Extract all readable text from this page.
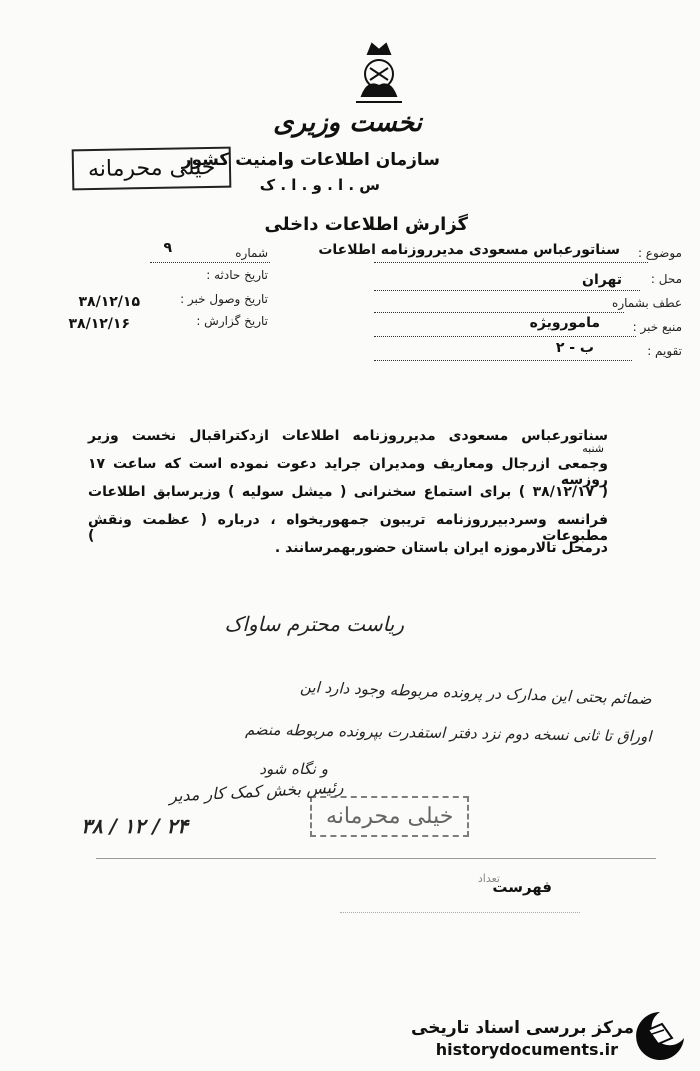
نخست وزیری
سازمان اطلاعات وامنیت کشور
س . ا . و . ا . ک
گزارش اطلاعات داخلی
خیلی محرمانه
موضوع :
سناتورعباس مسعودی مدیرروزنامه اطلاعات
محل :
تهران
عطف بشماره
منبع خبر :
مامورویژه
تقویم :
ب - ۲
شماره
۹
تاریخ حادثه :
تاریخ وصول خبر :
۳۸/۱۲/۱۵
تاریخ گزارش :
۳۸/۱۲/۱۶
سناتورعباس مسعودی مدیرروزنامه اطلاعات ازدکتراقبال نخست وزیر
شنبه
وجمعی ازرجال ومعاریف ومدیران جراید دعوت نموده است که ساعت ۱۷ روزسه
( ۳۸/۱۲/۱۷ ) برای استماع سخنرانی ( میشل سولیه ) وزیرسابق اطلاعات
فرانسه وسردبیرروزنامه تریبون جمهوریخواه ، درباره ( عظمت ونقش مطبوعات )
درمحل تالارموزه ایران باستان حضوربهمرسانند .
ریاست محترم ساواک
ضمائم بحتی این مدارک در پرونده مربوطه وجود دارد این
اوراق تا ثانی نسخه دوم نزد دفتر استفدرت بپرونده مربوطه منضم
و نگاه شود
رئیس بخش کمک کار مدیر
۳۸ / ۱۲ / ۲۴	خیلی محرمانه
تعداد
فهرست
مرکز بررسی اسناد تاریخی
historydocuments.ir
